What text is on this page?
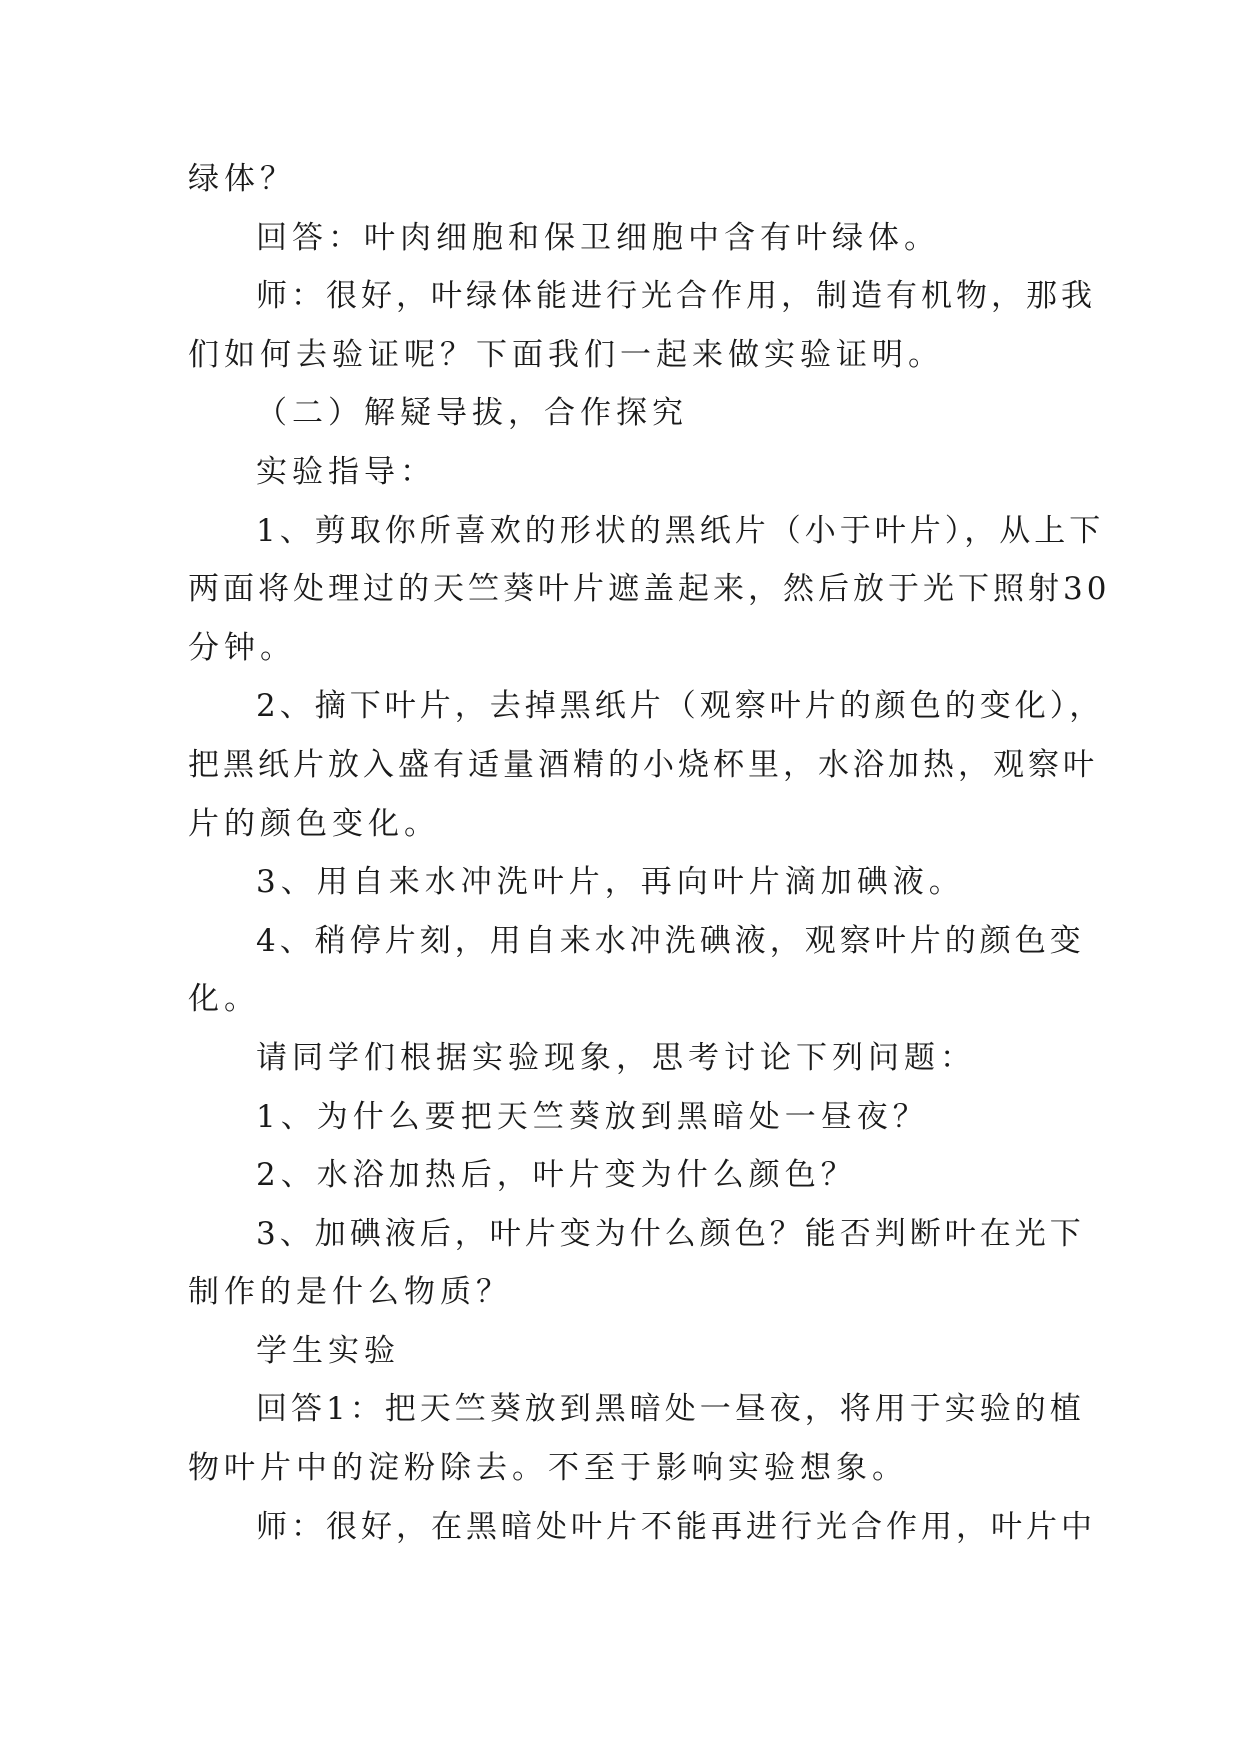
绿体？
回答：叶肉细胞和保卫细胞中含有叶绿体。
师：很好，叶绿体能进行光合作用，制造有机物，那我
们如何去验证呢？下面我们一起来做实验证明。
（二）解疑导拔，合作探究
实验指导：
1、剪取你所喜欢的形状的黑纸片（小于叶片），从上下
两面将处理过的天竺葵叶片遮盖起来，然后放于光下照射30
分钟。
2、摘下叶片，去掉黑纸片（观察叶片的颜色的变化），
把黑纸片放入盛有适量酒精的小烧杯里，水浴加热，观察叶
片的颜色变化。
3、用自来水冲洗叶片，再向叶片滴加碘液。
4、稍停片刻，用自来水冲洗碘液，观察叶片的颜色变
化。
请同学们根据实验现象，思考讨论下列问题：
1、为什么要把天竺葵放到黑暗处一昼夜？
2、水浴加热后，叶片变为什么颜色？
3、加碘液后，叶片变为什么颜色？能否判断叶在光下
制作的是什么物质？
学生实验
回答1：把天竺葵放到黑暗处一昼夜，将用于实验的植
物叶片中的淀粉除去。不至于影响实验想象。
师：很好，在黑暗处叶片不能再进行光合作用，叶片中
